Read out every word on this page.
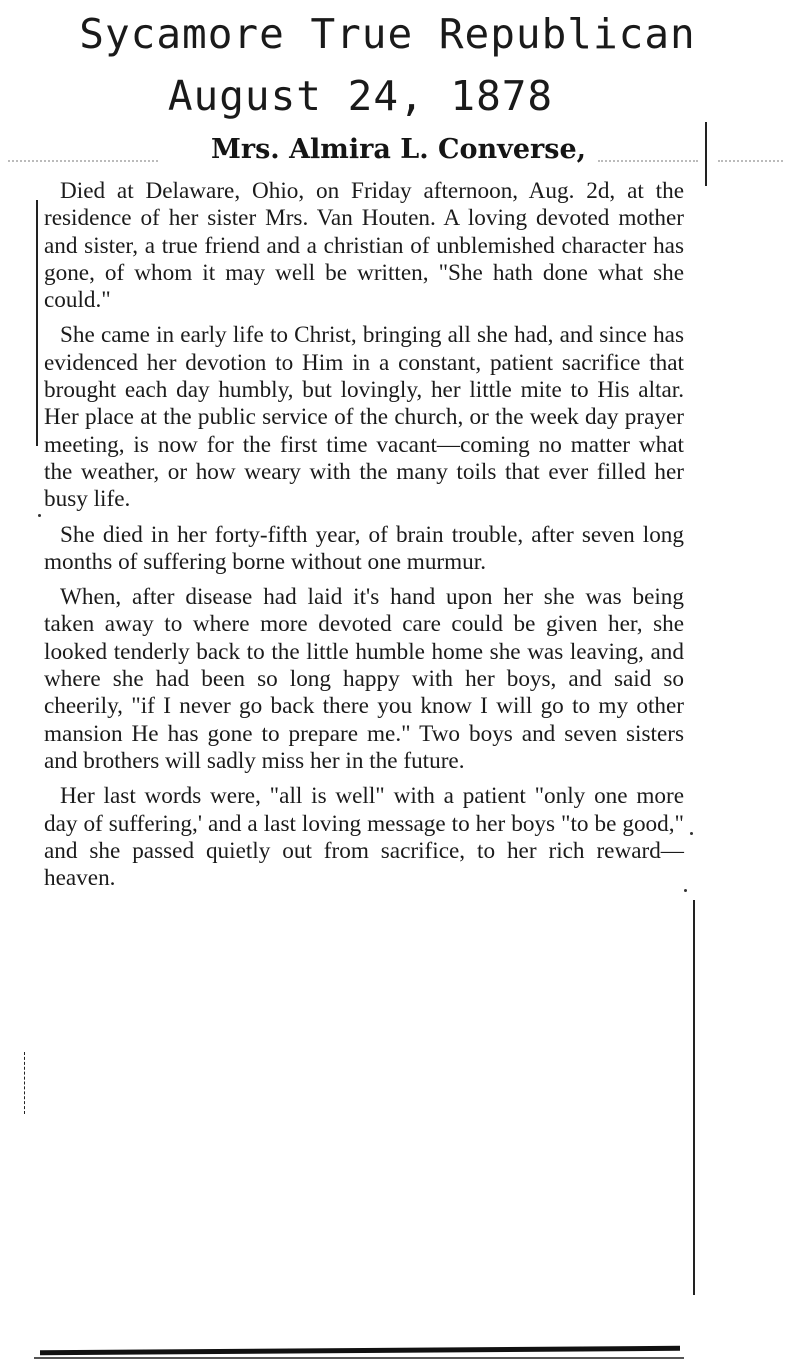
Sycamore True Republican
August 24, 1878
Mrs. Almira L. Converse,

Died at Delaware, Ohio, on Friday afternoon, Aug. 2d, at the residence of her sister Mrs. Van Houten. A loving devoted mother and sister, a true friend and a christian of unblemished character has gone, of whom it may well be written, "She hath done what she could."

She came in early life to Christ, bringing all she had, and since has evidenced her devotion to Him in a constant, patient sacrifice that brought each day humbly, but lovingly, her little mite to His altar. Her place at the public service of the church, or the week day prayer meeting, is now for the first time vacant—coming no matter what the weather, or how weary with the many toils that ever filled her busy life.

She died in her forty-fifth year, of brain trouble, after seven long months of suffering borne without one murmur.

When, after disease had laid it's hand upon her she was being taken away to where more devoted care could be given her, she looked tenderly back to the little humble home she was leaving, and where she had been so long happy with her boys, and said so cheerily, "if I never go back there you know I will go to my other mansion He has gone to prepare me." Two boys and seven sisters and brothers will sadly miss her in the future.

Her last words were, "all is well" with a patient "only one more day of suffering,' and a last loving message to her boys "to be good," and she passed quietly out from sacrifice, to her rich reward—heaven.
